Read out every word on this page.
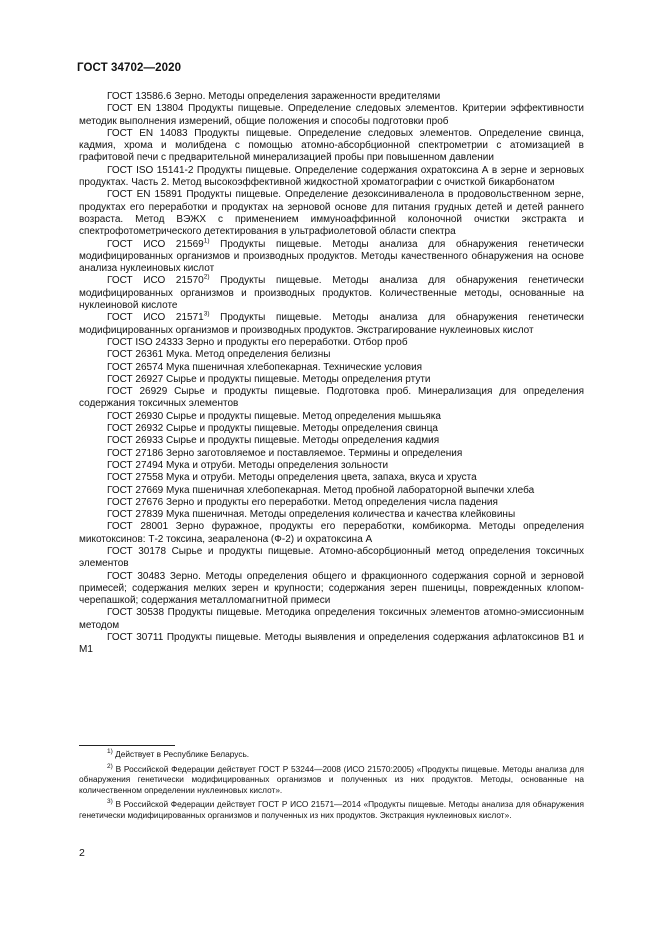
ГОСТ 34702—2020

ГОСТ 13586.6 Зерно. Методы определения зараженности вредителями

ГОСТ EN 13804 Продукты пищевые. Определение следовых элементов. Критерии эффективности методик выполнения измерений, общие положения и способы подготовки проб

ГОСТ EN 14083 Продукты пищевые. Определение следовых элементов. Определение свинца, кадмия, хрома и молибдена с помощью атомно-абсорбционной спектрометрии с атомизацией в графитовой печи с предварительной минерализацией пробы при повышенном давлении

ГОСТ ISO 15141-2 Продукты пищевые. Определение содержания охратоксина А в зерне и зерновых продуктах. Часть 2. Метод высокоэффективной жидкостной хроматографии с очисткой бикарбонатом

ГОСТ EN 15891 Продукты пищевые. Определение дезоксиниваленола в продовольственном зерне, продуктах его переработки и продуктах на зерновой основе для питания грудных детей и детей раннего возраста. Метод ВЭЖХ с применением иммуноаффинной колоночной очистки экстракта и спектрофотометрического детектирования в ультрафиолетовой области спектра

ГОСТ ИСО 21569$^{1)}$ Продукты пищевые. Методы анализа для обнаружения генетически модифицированных организмов и производных продуктов. Методы качественного обнаружения на основе анализа нуклеиновых кислот

ГОСТ ИСО 21570$^{2)}$ Продукты пищевые. Методы анализа для обнаружения генетически модифицированных организмов и производных продуктов. Количественные методы, основанные на нуклеиновой кислоте

ГОСТ ИСО 21571$^{3)}$ Продукты пищевые. Методы анализа для обнаружения генетически модифицированных организмов и производных продуктов. Экстрагирование нуклеиновых кислот

ГОСТ ISO 24333 Зерно и продукты его переработки. Отбор проб

ГОСТ 26361 Мука. Метод определения белизны

ГОСТ 26574 Мука пшеничная хлебопекарная. Технические условия

ГОСТ 26927 Сырье и продукты пищевые. Методы определения ртути

ГОСТ 26929 Сырье и продукты пищевые. Подготовка проб. Минерализация для определения содержания токсичных элементов

ГОСТ 26930 Сырье и продукты пищевые. Метод определения мышьяка

ГОСТ 26932 Сырье и продукты пищевые. Методы определения свинца

ГОСТ 26933 Сырье и продукты пищевые. Методы определения кадмия

ГОСТ 27186 Зерно заготовляемое и поставляемое. Термины и определения

ГОСТ 27494 Мука и отруби. Методы определения зольности

ГОСТ 27558 Мука и отруби. Методы определения цвета, запаха, вкуса и хруста

ГОСТ 27669 Мука пшеничная хлебопекарная. Метод пробной лабораторной выпечки хлеба

ГОСТ 27676 Зерно и продукты его переработки. Метод определения числа падения

ГОСТ 27839 Мука пшеничная. Методы определения количества и качества клейковины

ГОСТ 28001 Зерно фуражное, продукты его переработки, комбикорма. Методы определения микотоксинов: Т-2 токсина, зеараленона (Ф-2) и охратоксина А

ГОСТ 30178 Сырье и продукты пищевые. Атомно-абсорбционный метод определения токсичных элементов

ГОСТ 30483 Зерно. Методы определения общего и фракционного содержания сорной и зерновой примесей; содержания мелких зерен и крупности; содержания зерен пшеницы, поврежденных клопом-черепашкой; содержания металломагнитной примеси

ГОСТ 30538 Продукты пищевые. Методика определения токсичных элементов атомно-эмиссионным методом

ГОСТ 30711 Продукты пищевые. Методы выявления и определения содержания афлатоксинов B1 и M1

$^{1)}$ Действует в Республике Беларусь.

$^{2)}$ В Российской Федерации действует ГОСТ Р 53244—2008 (ИСО 21570:2005) «Продукты пищевые. Методы анализа для обнаружения генетически модифицированных организмов и полученных из них продуктов. Методы, основанные на количественном определении нуклеиновых кислот».

$^{3)}$ В Российской Федерации действует ГОСТ Р ИСО 21571—2014 «Продукты пищевые. Методы анализа для обнаружения генетически модифицированных организмов и полученных из них продуктов. Экстракция нуклеиновых кислот».

2
